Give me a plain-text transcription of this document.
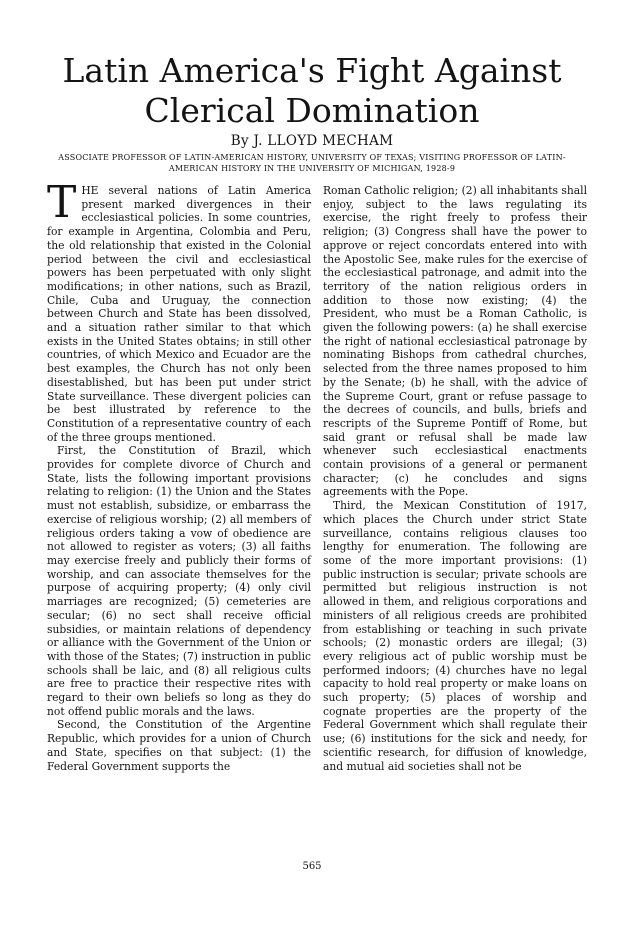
Latin America's Fight Against
Clerical Domination
By J. LLOYD MECHAM
ASSOCIATE PROFESSOR OF LATIN-AMERICAN HISTORY, UNIVERSITY OF TEXAS; VISITING PROFESSOR OF LATIN-AMERICAN HISTORY IN THE UNIVERSITY OF MICHIGAN, 1928-9

THE several nations of Latin America present marked divergences in their ecclesiastical policies. In some countries, for example in Argentina, Colombia and Peru, the old relationship that existed in the Colonial period between the civil and ecclesiastical powers has been perpetuated with only slight modifications; in other nations, such as Brazil, Chile, Cuba and Uruguay, the connection between Church and State has been dissolved, and a situation rather similar to that which exists in the United States obtains; in still other countries, of which Mexico and Ecuador are the best examples, the Church has not only been disestablished, but has been put under strict State surveillance. These divergent policies can be best illustrated by reference to the Constitution of a representative country of each of the three groups mentioned.

First, the Constitution of Brazil, which provides for complete divorce of Church and State, lists the following important provisions relating to religion: (1) the Union and the States must not establish, subsidize, or embarrass the exercise of religious worship; (2) all members of religious orders taking a vow of obedience are not allowed to register as voters; (3) all faiths may exercise freely and publicly their forms of worship, and can associate themselves for the purpose of acquiring property; (4) only civil marriages are recognized; (5) cemeteries are secular; (6) no sect shall receive official subsidies, or maintain relations of dependency or alliance with the Government of the Union or with those of the States; (7) instruction in public schools shall be laic, and (8) all religious cults are free to practice their respective rites with regard to their own beliefs so long as they do not offend public morals and the laws.

Second, the Constitution of the Argentine Republic, which provides for a union of Church and State, specifies on that subject: (1) the Federal Government supports the

Roman Catholic religion; (2) all inhabitants shall enjoy, subject to the laws regulating its exercise, the right freely to profess their religion; (3) Congress shall have the power to approve or reject concordats entered into with the Apostolic See, make rules for the exercise of the ecclesiastical patronage, and admit into the territory of the nation religious orders in addition to those now existing; (4) the President, who must be a Roman Catholic, is given the following powers: (a) he shall exercise the right of national ecclesiastical patronage by nominating Bishops from cathedral churches, selected from the three names proposed to him by the Senate; (b) he shall, with the advice of the Supreme Court, grant or refuse passage to the decrees of councils, and bulls, briefs and rescripts of the Supreme Pontiff of Rome, but said grant or refusal shall be made law whenever such ecclesiastical enactments contain provisions of a general or permanent character; (c) he concludes and signs agreements with the Pope.

Third, the Mexican Constitution of 1917, which places the Church under strict State surveillance, contains religious clauses too lengthy for enumeration. The following are some of the more important provisions: (1) public instruction is secular; private schools are permitted but religious instruction is not allowed in them, and religious corporations and ministers of all religious creeds are prohibited from establishing or teaching in such private schools; (2) monastic orders are illegal; (3) every religious act of public worship must be performed indoors; (4) churches have no legal capacity to hold real property or make loans on such property; (5) places of worship and cognate properties are the property of the Federal Government which shall regulate their use; (6) institutions for the sick and needy, for scientific research, for diffusion of knowledge, and mutual aid societies shall not be

565
